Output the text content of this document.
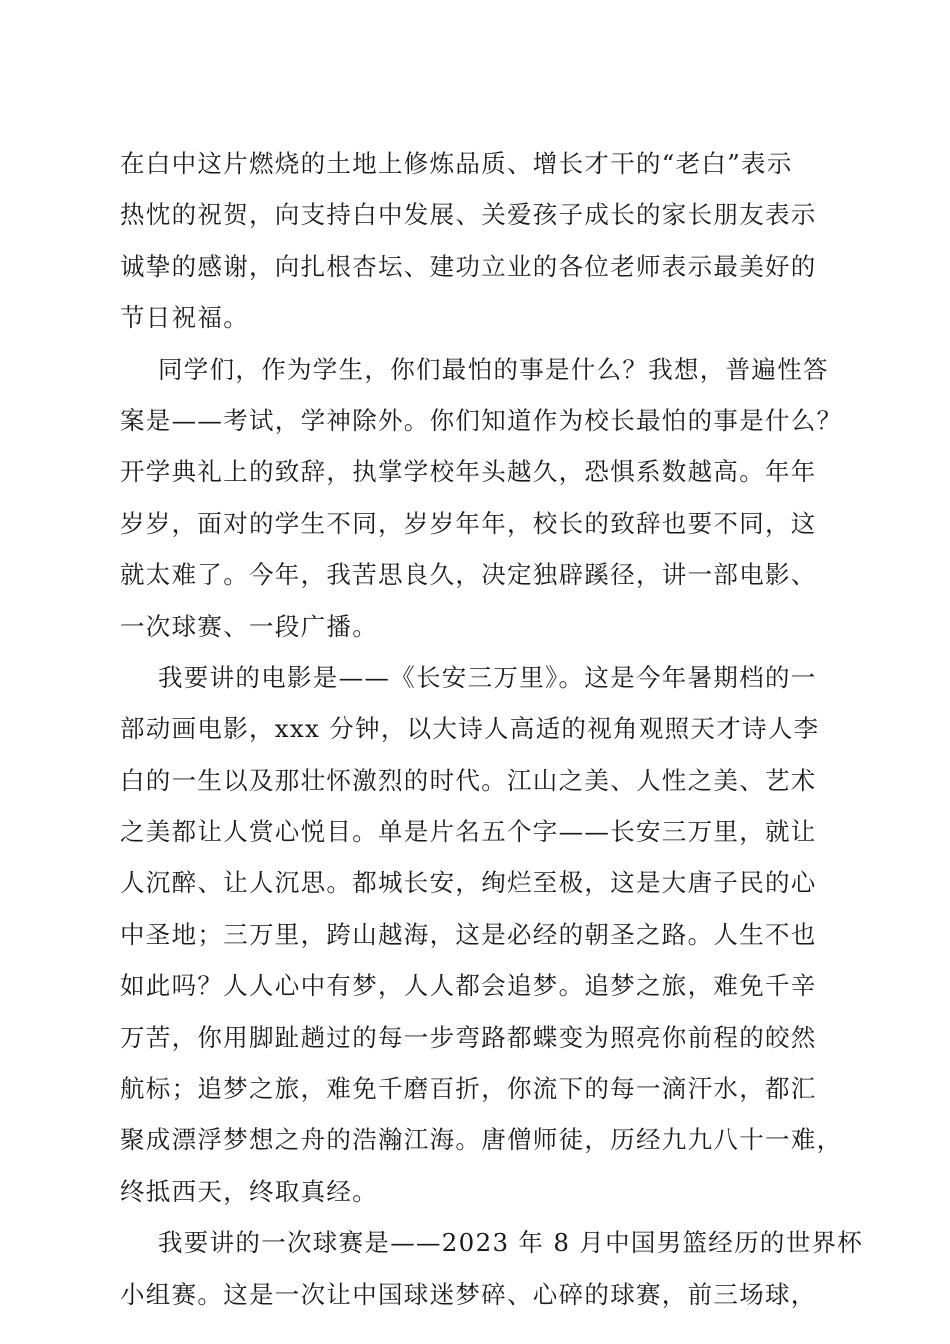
在白中这片燃烧的土地上修炼品质、增长才干的“老白”表示
热忱的祝贺，向支持白中发展、关爱孩子成长的家长朋友表示
诚挚的感谢，向扎根杏坛、建功立业的各位老师表示最美好的
节日祝福。
同学们，作为学生，你们最怕的事是什么？我想，普遍性答
案是——考试，学神除外。你们知道作为校长最怕的事是什么？
开学典礼上的致辞，执掌学校年头越久，恐惧系数越高。年年
岁岁，面对的学生不同，岁岁年年，校长的致辞也要不同，这
就太难了。今年，我苦思良久，决定独辟蹊径，讲一部电影、
一次球赛、一段广播。
我要讲的电影是——《长安三万里》。这是今年暑期档的一
部动画电影，xxx 分钟，以大诗人高适的视角观照天才诗人李
白的一生以及那壮怀激烈的时代。江山之美、人性之美、艺术
之美都让人赏心悦目。单是片名五个字——长安三万里，就让
人沉醉、让人沉思。都城长安，绚烂至极，这是大唐子民的心
中圣地；三万里，跨山越海，这是必经的朝圣之路。人生不也
如此吗？人人心中有梦，人人都会追梦。追梦之旅，难免千辛
万苦，你用脚趾趟过的每一步弯路都蝶变为照亮你前程的皎然
航标；追梦之旅，难免千磨百折，你流下的每一滴汗水，都汇
聚成漂浮梦想之舟的浩瀚江海。唐僧师徒，历经九九八十一难，
终抵西天，终取真经。
我要讲的一次球赛是——2023 年 8 月中国男篮经历的世界杯
小组赛。这是一次让中国球迷梦碎、心碎的球赛，前三场球，
